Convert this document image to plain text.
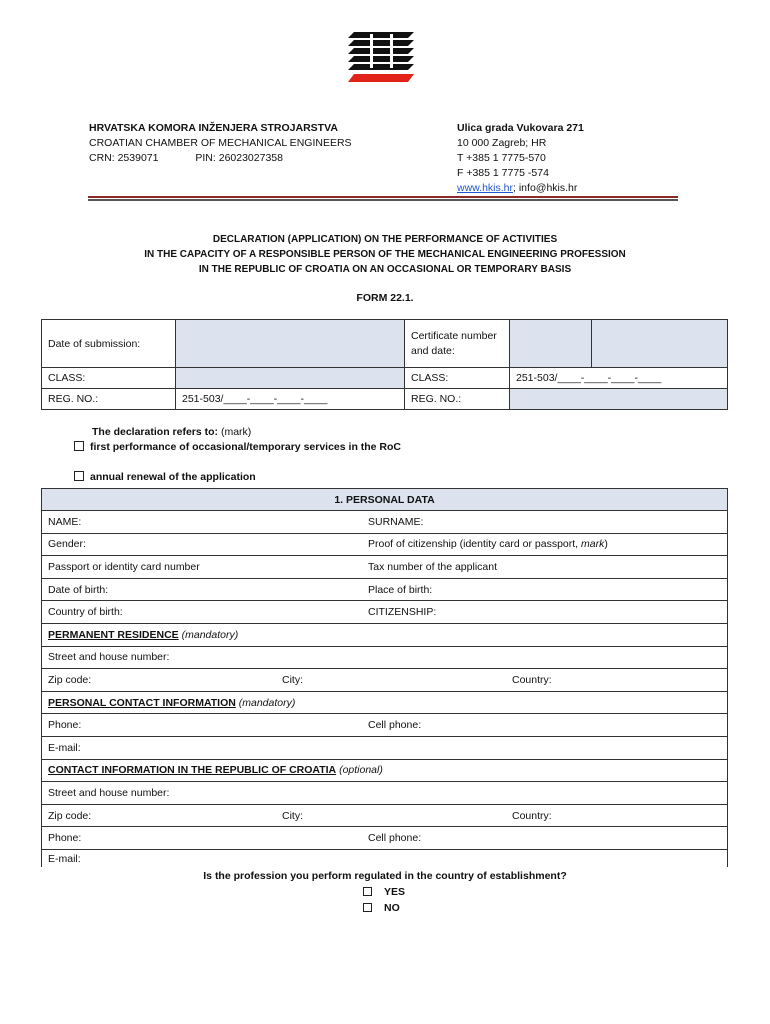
HRVATSKA KOMORA INŽENJERA STROJARSTVA
CROATIAN CHAMBER OF MECHANICAL ENGINEERS
CRN: 2539071	PIN: 26023027358
Ulica grada Vukovara 271
10 000 Zagreb; HR
T +385 1 7775-570
F +385 1 7775 -574
www.hkis.hr; info@hkis.hr
DECLARATION (APPLICATION) ON THE PERFORMANCE OF ACTIVITIES
IN THE CAPACITY OF A RESPONSIBLE PERSON OF THE MECHANICAL ENGINEERING PROFESSION
IN THE REPUBLIC OF CROATIA ON AN OCCASIONAL OR TEMPORARY BASIS
FORM 22.1.
Date of submission:		Certificate number and date:		
CLASS:		CLASS:	251-503/____-____-____-____	
REG. NO.:	251-503/____-____-____-____	REG. NO.:		
The declaration refers to: (mark)
first performance of occasional/temporary services in the RoC
annual renewal of the application
1. PERSONAL DATA
NAME:	SURNAME:

Gender:	Proof of citizenship (identity card or passport, mark)

Passport or identity card number	Tax number of the applicant

Date of birth:	Place of birth:

Country of birth:	CITIZENSHIP:

PERMANENT RESIDENCE (mandatory)
Street and house number:
Zip code:	City:	Country:

PERSONAL CONTACT INFORMATION (mandatory)
Phone:	Cell phone:

E-mail:
CONTACT INFORMATION IN THE REPUBLIC OF CROATIA (optional)
Street and house number:
Zip code:	City:	Country:

Phone:	Cell phone:

E-mail:
Is the profession you perform regulated in the country of establishment?
YES
NO
